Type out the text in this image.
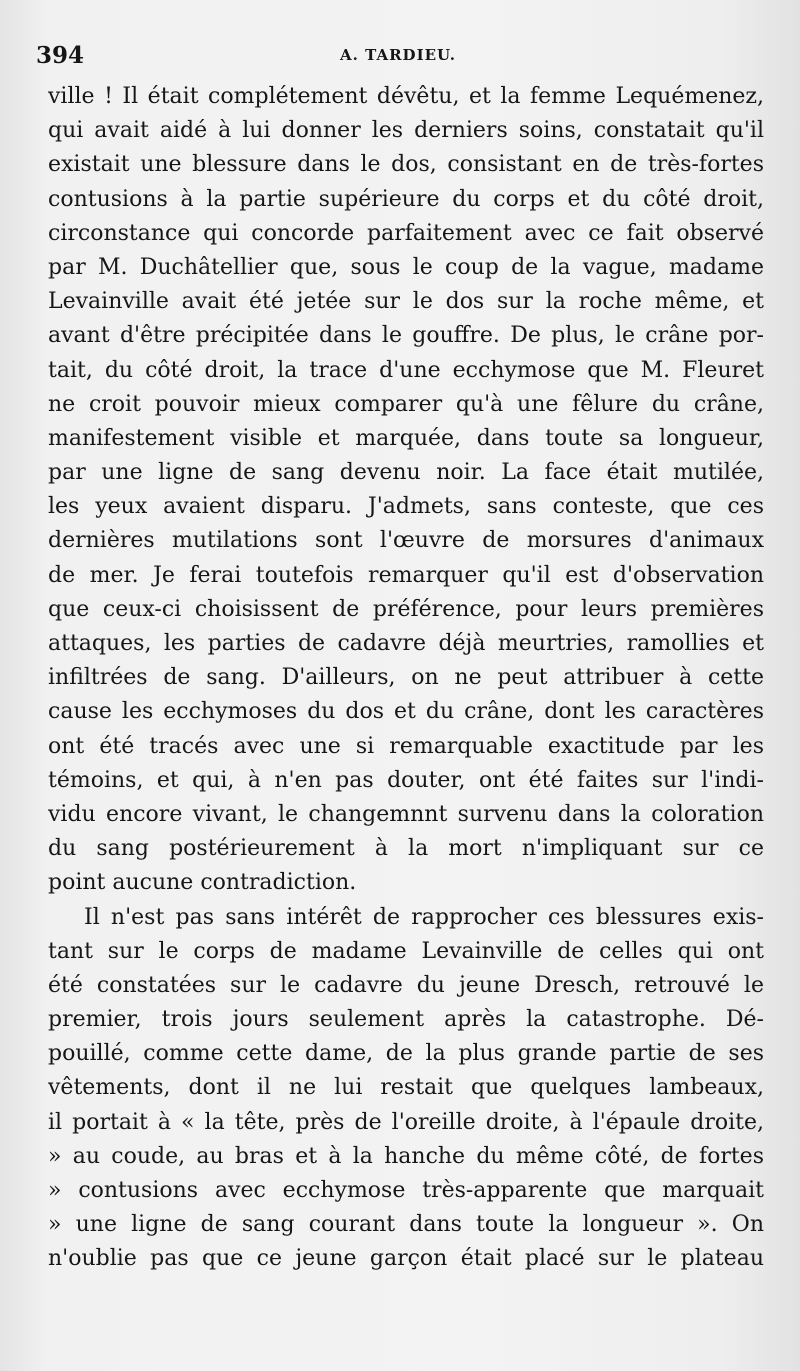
394	A. TARDIEU.
ville ! Il était complétement dévêtu, et la femme Lequémenez,
qui avait aidé à lui donner les derniers soins, constatait qu'il
existait une blessure dans le dos, consistant en de très-fortes
contusions à la partie supérieure du corps et du côté droit,
circonstance qui concorde parfaitement avec ce fait observé
par M. Duchâtellier que, sous le coup de la vague, madame
Levainville avait été jetée sur le dos sur la roche même, et
avant d'être précipitée dans le gouffre. De plus, le crâne por-
tait, du côté droit, la trace d'une ecchymose que M. Fleuret
ne croit pouvoir mieux comparer qu'à une fêlure du crâne,
manifestement visible et marquée, dans toute sa longueur,
par une ligne de sang devenu noir. La face était mutilée,
les yeux avaient disparu. J'admets, sans conteste, que ces
dernières mutilations sont l'œuvre de morsures d'animaux
de mer. Je ferai toutefois remarquer qu'il est d'observation
que ceux-ci choisissent de préférence, pour leurs premières
attaques, les parties de cadavre déjà meurtries, ramollies et
infiltrées de sang. D'ailleurs, on ne peut attribuer à cette
cause les ecchymoses du dos et du crâne, dont les caractères
ont été tracés avec une si remarquable exactitude par les
témoins, et qui, à n'en pas douter, ont été faites sur l'indi-
vidu encore vivant, le changemnnt survenu dans la coloration
du sang postérieurement à la mort n'impliquant sur ce
point aucune contradiction.
Il n'est pas sans intérêt de rapprocher ces blessures exis-
tant sur le corps de madame Levainville de celles qui ont
été constatées sur le cadavre du jeune Dresch, retrouvé le
premier, trois jours seulement après la catastrophe. Dé-
pouillé, comme cette dame, de la plus grande partie de ses
vêtements, dont il ne lui restait que quelques lambeaux,
il portait à « la tête, près de l'oreille droite, à l'épaule droite,
» au coude, au bras et à la hanche du même côté, de fortes
» contusions avec ecchymose très-apparente que marquait
» une ligne de sang courant dans toute la longueur ». On
n'oublie pas que ce jeune garçon était placé sur le plateau
